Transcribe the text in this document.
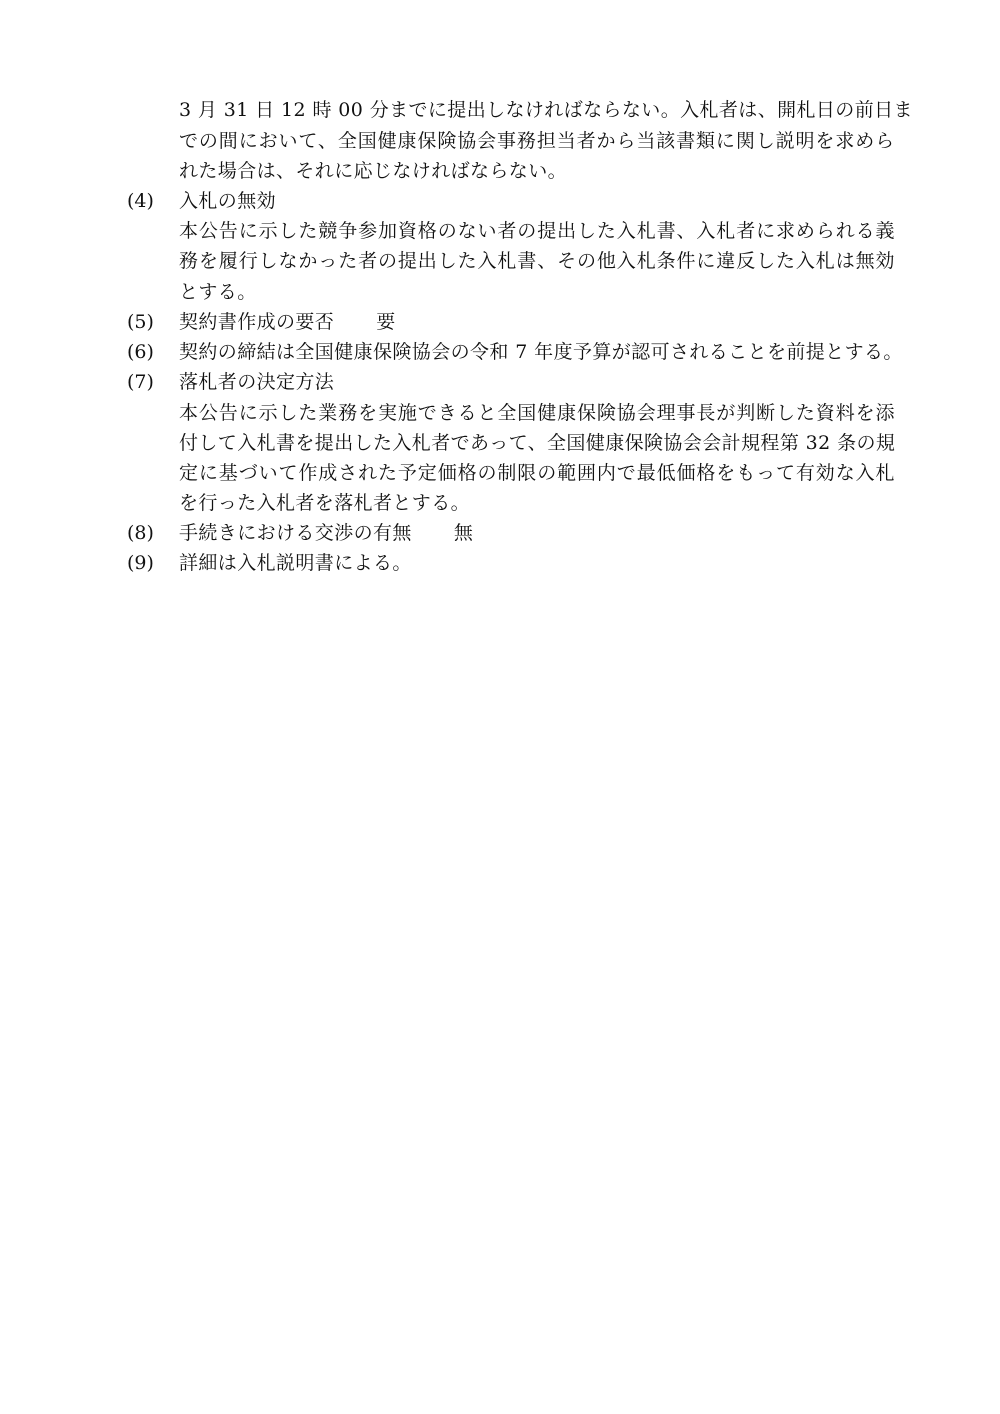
3 月 31 日 12 時 00 分までに提出しなければならない。入札者は、開札日の前日ま
での間において、全国健康保険協会事務担当者から当該書類に関し説明を求めら
れた場合は、それに応じなければならない。
(4)	入札の無効
本公告に示した競争参加資格のない者の提出した入札書、入札者に求められる義
務を履行しなかった者の提出した入札書、その他入札条件に違反した入札は無効
とする。
(5)	契約書作成の要否 要
(6)	契約の締結は全国健康保険協会の令和 7 年度予算が認可されることを前提とする。
(7)	落札者の決定方法
本公告に示した業務を実施できると全国健康保険協会理事長が判断した資料を添
付して入札書を提出した入札者であって、全国健康保険協会会計規程第 32 条の規
定に基づいて作成された予定価格の制限の範囲内で最低価格をもって有効な入札
を行った入札者を落札者とする。
(8)	手続きにおける交渉の有無 無
(9)	詳細は入札説明書による。
